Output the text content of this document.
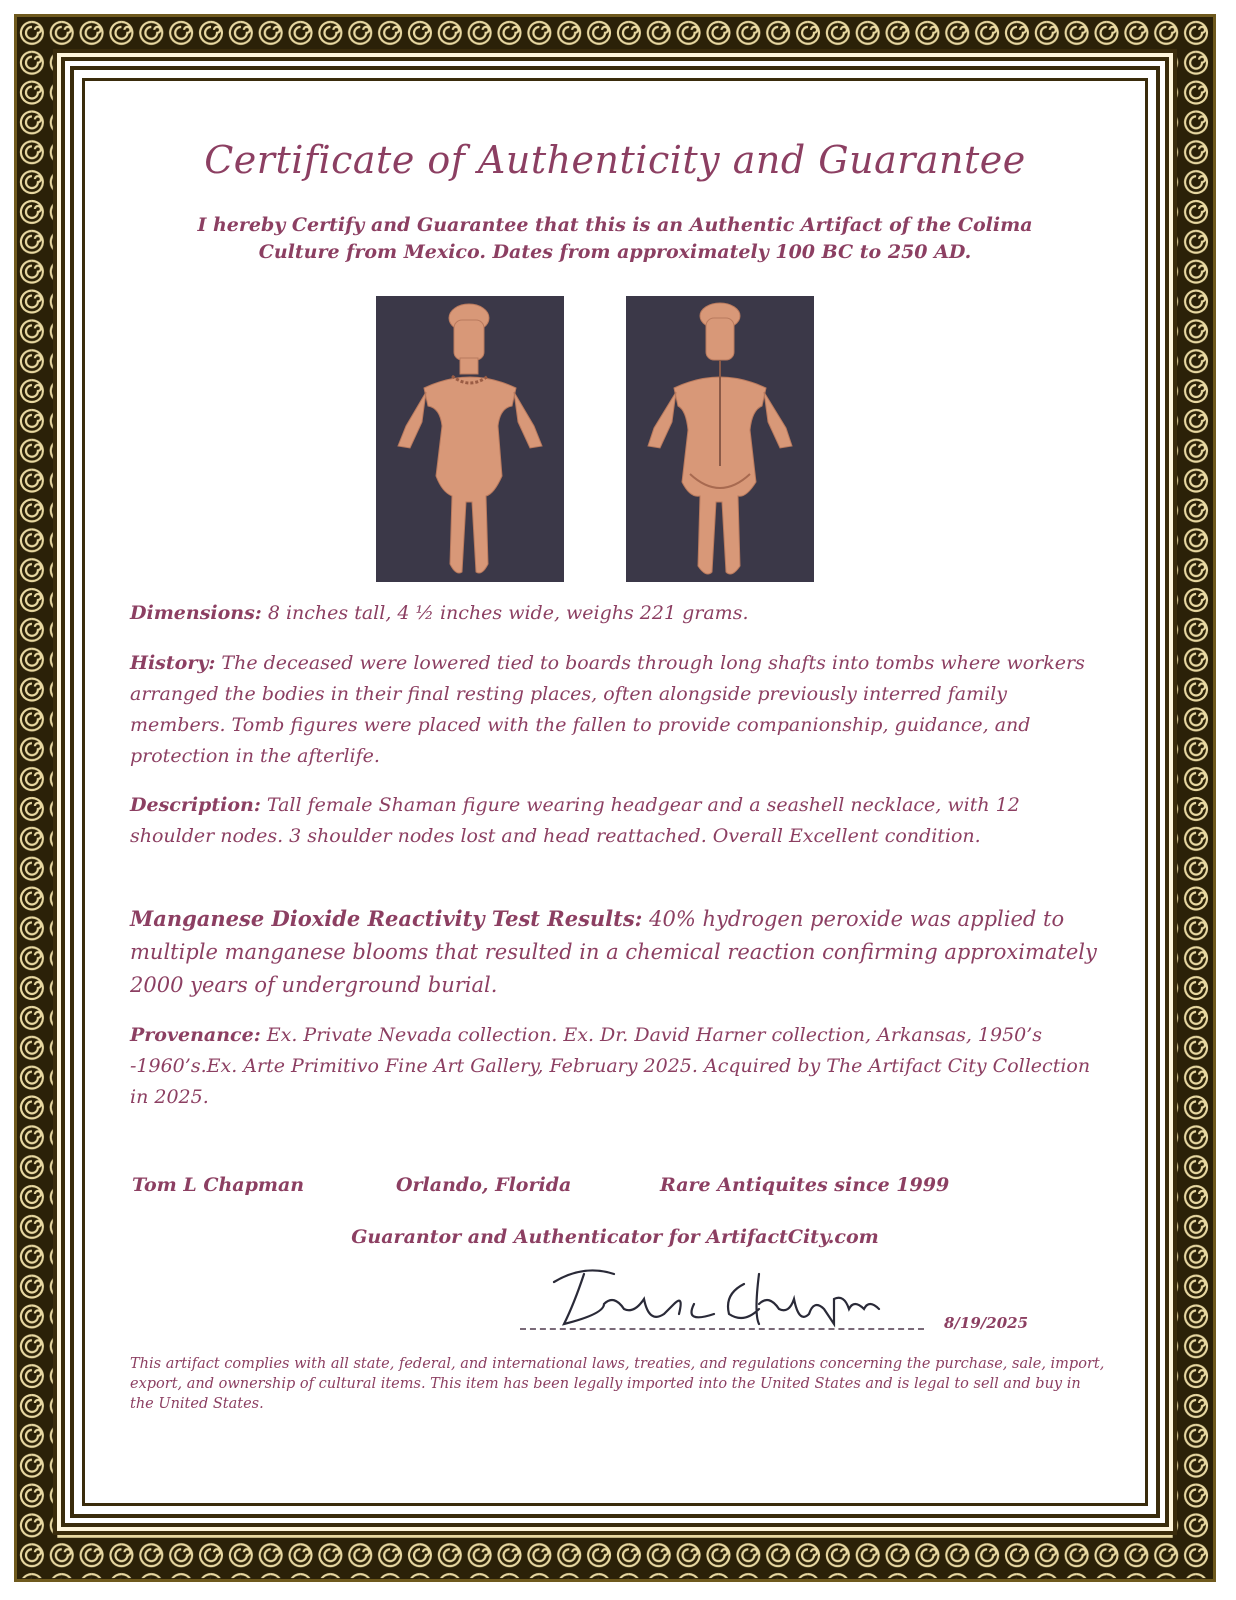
Certificate of Authenticity and Guarantee
I hereby Certify and Guarantee that this is an Authentic Artifact of the Colima
Culture from Mexico. Dates from approximately 100 BC to 250 AD.
Dimensions: 8 inches tall, 4 ½ inches wide, weighs 221 grams.
History: The deceased were lowered tied to boards through long shafts into tombs where workers arranged the bodies in their final resting places, often alongside previously interred family members. Tomb figures were placed with the fallen to provide companionship, guidance, and protection in the afterlife.
Description: Tall female Shaman figure wearing headgear and a seashell necklace, with 12 shoulder nodes. 3 shoulder nodes lost and head reattached. Overall Excellent condition.
Manganese Dioxide Reactivity Test Results: 40% hydrogen peroxide was applied to multiple manganese blooms that resulted in a chemical reaction confirming approximately 2000 years of underground burial.
Provenance: Ex. Private Nevada collection. Ex. Dr. David Harner collection, Arkansas, 1950’s -1960’s.Ex. Arte Primitivo Fine Art Gallery, February 2025. Acquired by The Artifact City Collection in 2025.
Tom L Chapman	Orlando, Florida	Rare Antiquites since 1999
Guarantor and Authenticator for ArtifactCity.com
8/19/2025
This artifact complies with all state, federal, and international laws, treaties, and regulations concerning the purchase, sale, import, export, and ownership of cultural items. This item has been legally imported into the United States and is legal to sell and buy in the United States.
